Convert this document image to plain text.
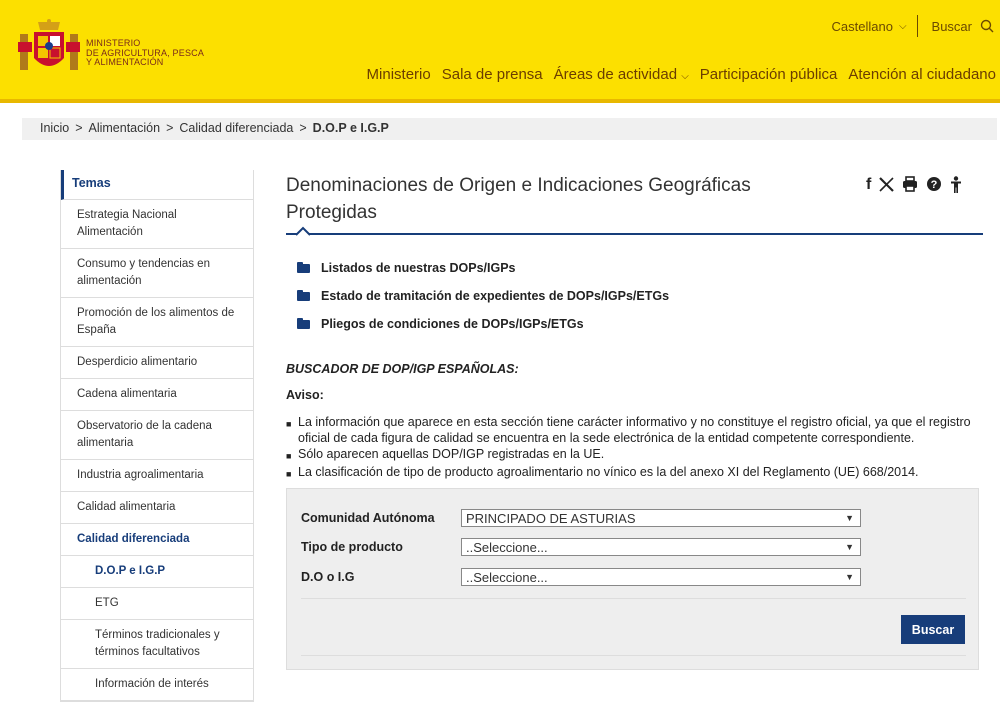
MINISTERIO
DE AGRICULTURA, PESCA
Y ALIMENTACIÓN
Castellano ⌵ Buscar
Ministerio Sala de prensa Áreas de actividad ⌵ Participación pública Atención al ciudadano
Inicio > Alimentación > Calidad diferenciada > D.O.P e I.G.P
Temas
Estrategia Nacional Alimentación
Consumo y tendencias en alimentación
Promoción de los alimentos de España
Desperdicio alimentario
Cadena alimentaria
Observatorio de la cadena alimentaria
Industria agroalimentaria
Calidad alimentaria
Calidad diferenciada
D.O.P e I.G.P
ETG
Términos tradicionales y términos facultativos
Información de interés
Denominaciones de Origen e Indicaciones Geográficas Protegidas
f	?
Listados de nuestras DOPs/IGPs
Estado de tramitación de expedientes de DOPs/IGPs/ETGs
Pliegos de condiciones de DOPs/IGPs/ETGs
BUSCADOR DE DOP/IGP ESPAÑOLAS:
Aviso:
■ La información que aparece en esta sección tiene carácter informativo y no constituye el registro oficial, ya que el registro oficial de cada figura de calidad se encuentra en la sede electrónica de la entidad competente correspondiente.
■ Sólo aparecen aquellas DOP/IGP registradas en la UE.
■ La clasificación de tipo de producto agroalimentario no vínico es la del anexo XI del Reglamento (UE) 668/2014.
Comunidad Autónoma	PRINCIPADO DE ASTURIAS	▼
Tipo de producto	..Seleccione...	▼
D.O o I.G	..Seleccione...	▼
Buscar
